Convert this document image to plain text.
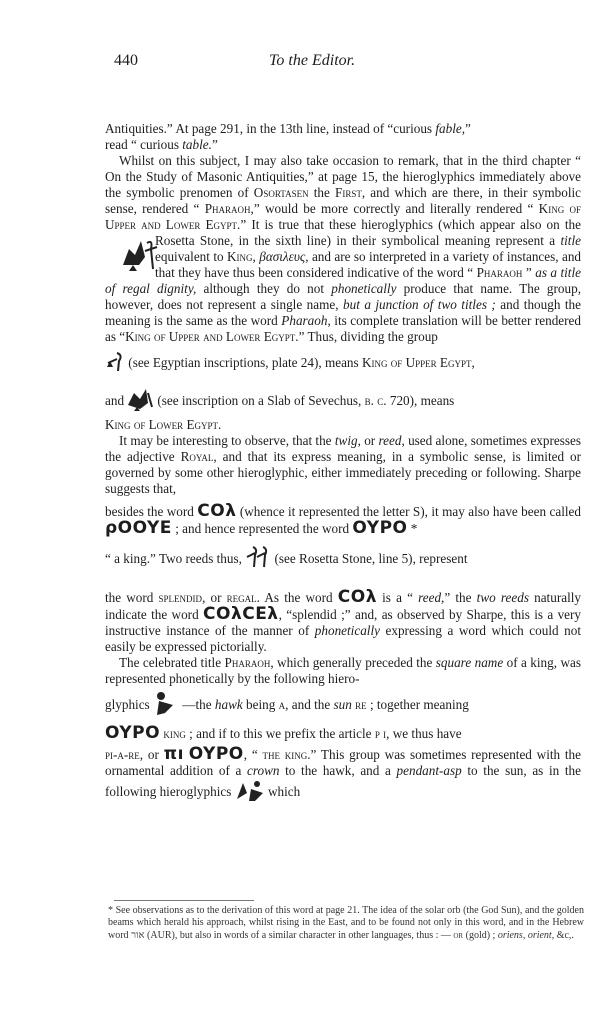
440	To the Editor.

Antiquities.” At page 291, in the 13th line, instead of “curious fable,”
read “ curious table.”

Whilst on this subject, I may also take occasion to remark, that in the third chapter “ On the Study of Masonic Antiquities,” at page 15, the hieroglyphics immediately above the symbolic prenomen of Osortasen the First, and which are there, in their symbolic sense, rendered “ Pharaoh,” would be more correctly and literally rendered “ King of Upper and Lower Egypt.” It is true that these hieroglyphics (which appear also on the Rosetta Stone, in the sixth line) in their symbolical meaning represent a
title equivalent to King, βασιλευς, and are so interpreted in a variety of instances, and that they have thus been considered indicative of the word “ Pharaoh ” as a title of regal dignity, although they do not phonetically produce that name. The group, however, does not represent a single name, but a junction of two titles ; and though the meaning is the same as the word Pharaoh, its complete translation will be better rendered as “King of Upper and Lower Egypt.” Thus, dividing the group

(see Egyptian inscriptions, plate 24), means King of Upper Egypt,

and (see inscription on a Slab of Sevechus, b. c. 720), means
King of Lower Egypt.

It may be interesting to observe, that the twig, or reed, used alone, sometimes expresses the adjective Royal, and that its express meaning, in a symbolic sense, is limited or governed by some other hieroglyphic, either immediately preceding or following. Sharpe suggests that,

besides the word COλ (whence it represented the letter S), it may also have been called ρOOYE ; and hence represented the word OYPO *

“ a king.” Two reeds thus,  (see Rosetta Stone, line 5), represent

the word splendid, or regal. As the word COλ is a “ reed,” the two reeds naturally indicate the word COλCEλ, “splendid ;” and, as observed by Sharpe, this is a very instructive instance of the manner of phonetically expressing a word which could not easily be expressed pictorially.

The celebrated title Pharaoh, which generally preceded the square name of a king, was represented phonetically by the following hiero-

glyphics  —the hawk being a, and the sun re ; together meaning

OYPO king ; and if to this we prefix the article p i, we thus have

pi-a-re, or πı OYPO, “ the king.” This group was sometimes represented with the ornamental addition of a crown to the hawk, and a pendant-asp to the sun, as in the following hieroglyphics	which

* See observations as to the derivation of this word at page 21. The idea of the solar orb (the God Sun), and the golden beams which herald his approach, whilst rising in the East, and to be found not only in this word, and in the Hebrew word אור (AUR), but also in words of a similar character in other languages, thus : — or (gold) ; oriens, orient, &c,.
